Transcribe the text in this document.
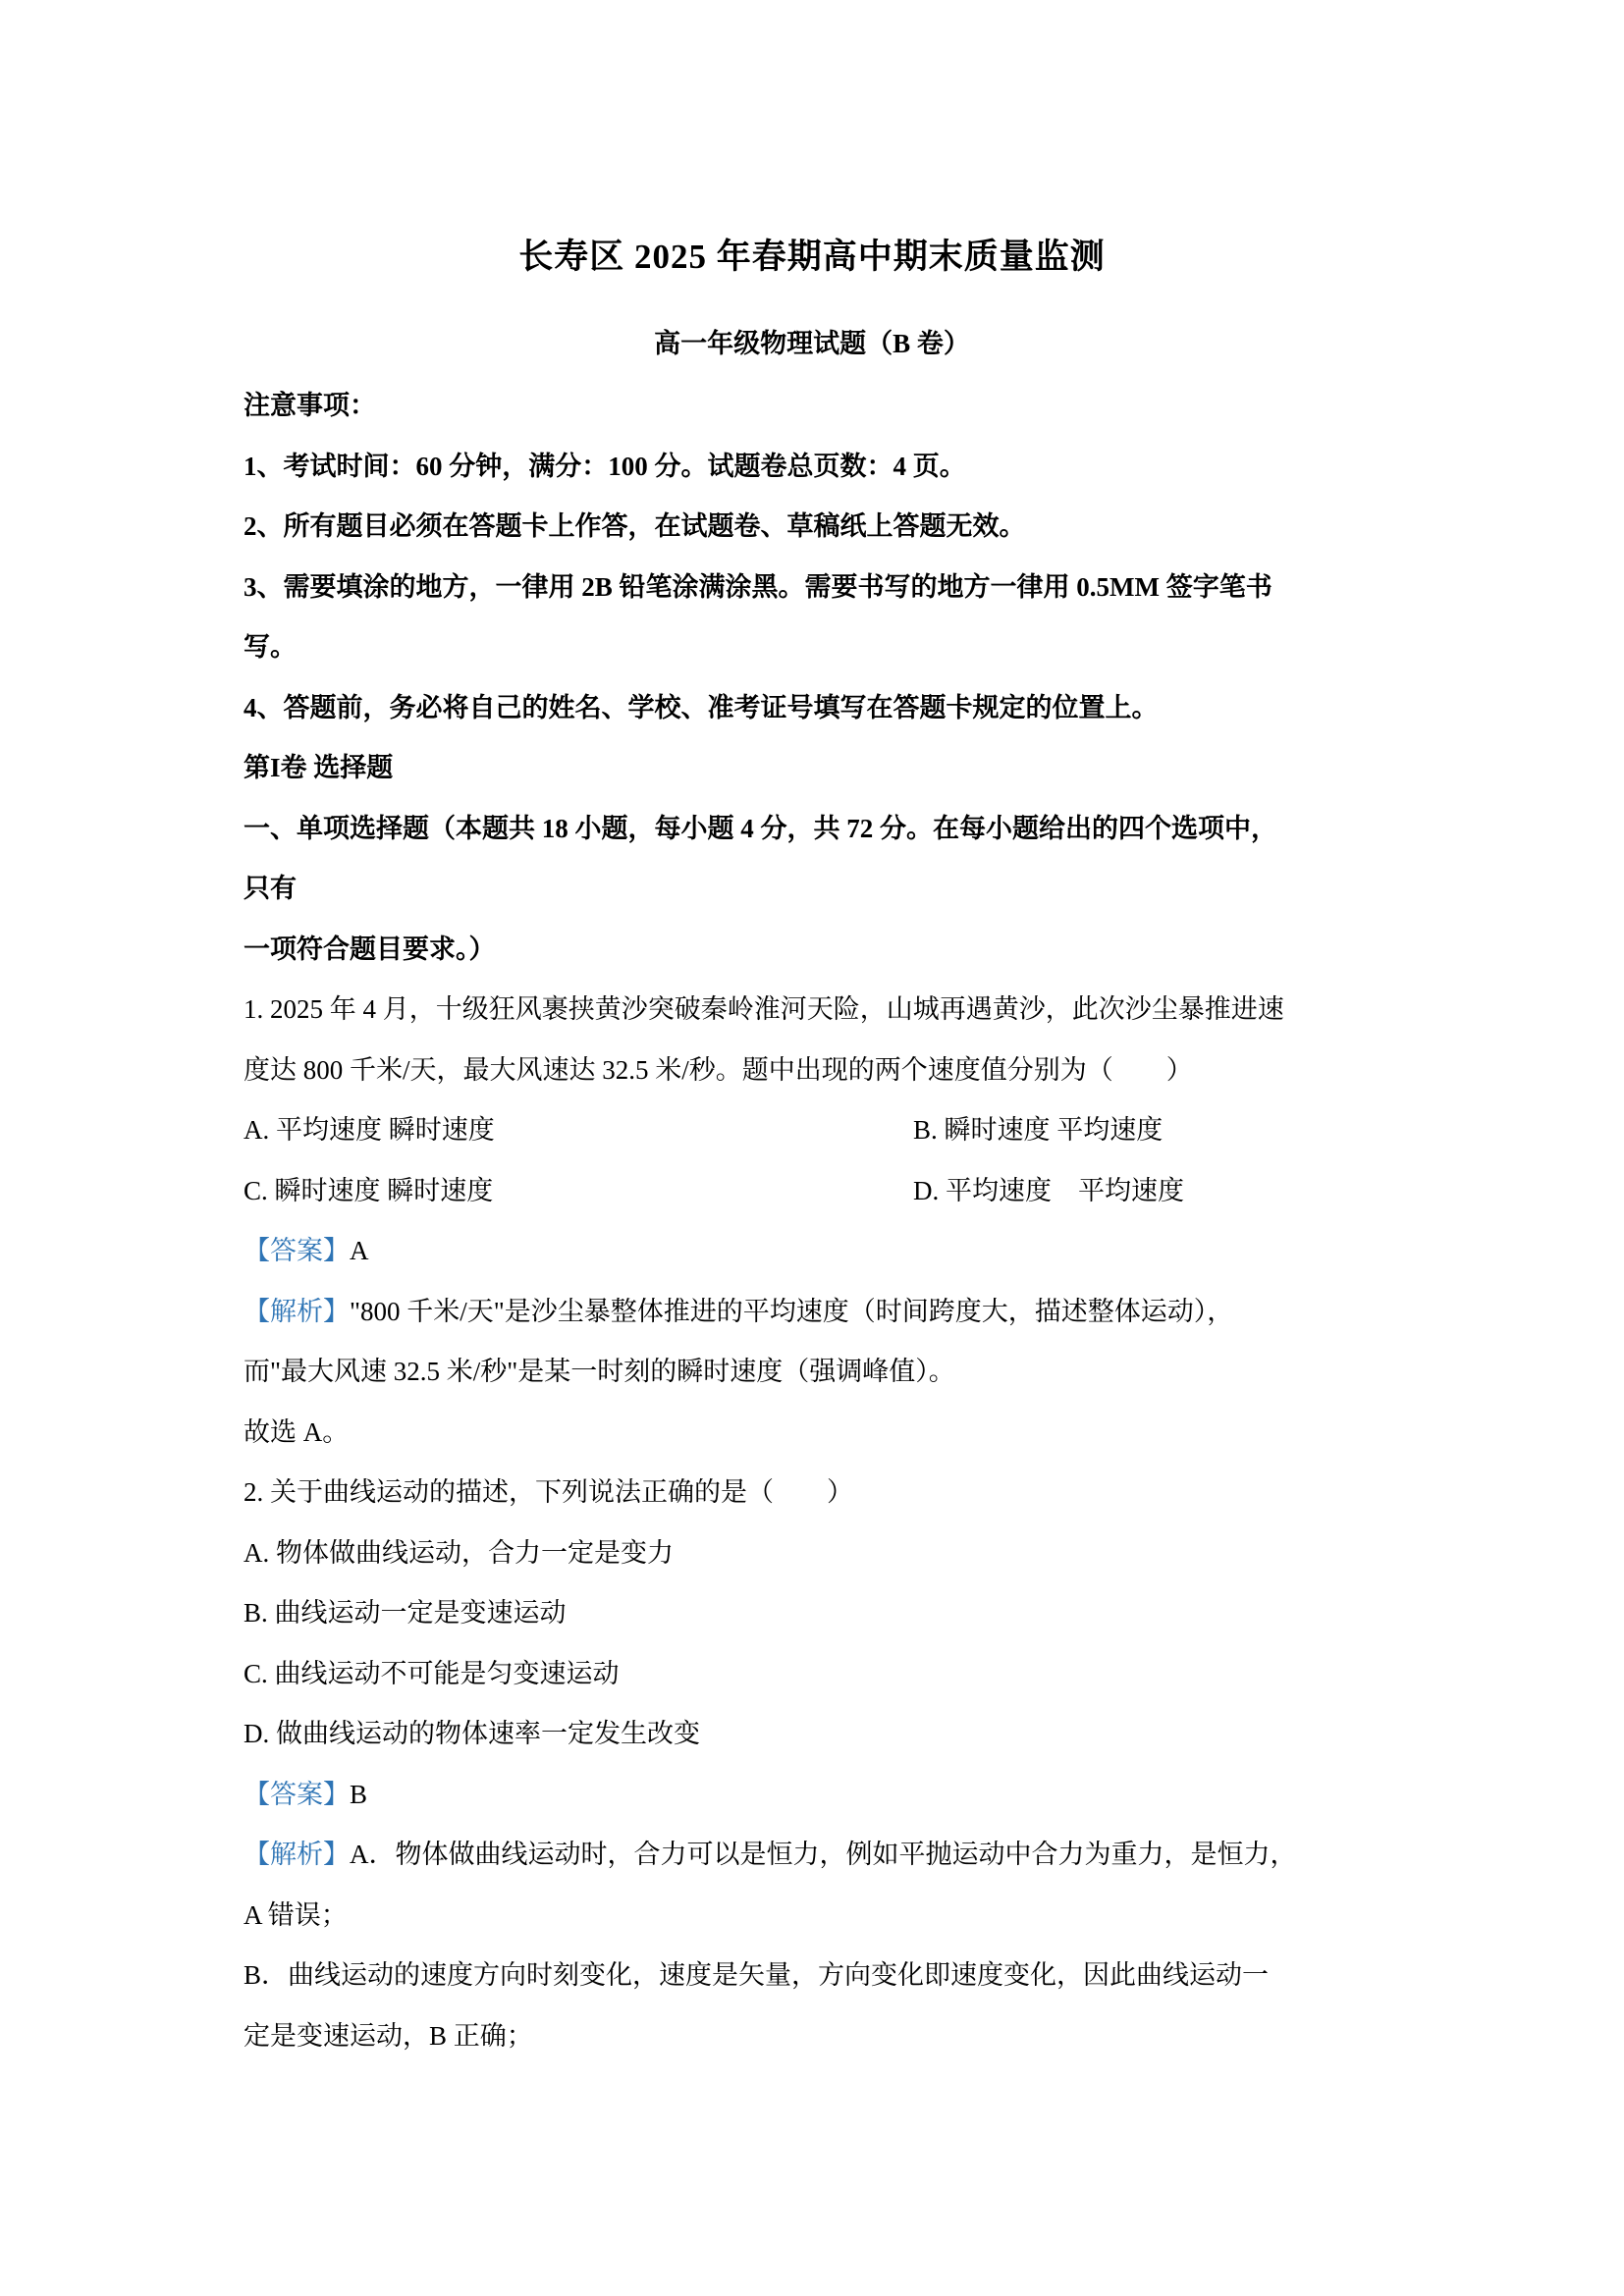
长寿区 2025 年春期高中期末质量监测
高一年级物理试题（B 卷）
注意事项：
1、考试时间：60 分钟，满分：100 分。试题卷总页数：4 页。
2、所有题目必须在答题卡上作答，在试题卷、草稿纸上答题无效。
3、需要填涂的地方，一律用 2B 铅笔涂满涂黑。需要书写的地方一律用 0.5MM 签字笔书
写。
4、答题前，务必将自己的姓名、学校、准考证号填写在答题卡规定的位置上。
第I卷 选择题
一、单项选择题（本题共 18 小题，每小题 4 分，共 72 分。在每小题给出的四个选项中，
只有
一项符合题目要求。）
1. 2025 年 4 月，十级狂风裹挟黄沙突破秦岭淮河天险，山城再遇黄沙，此次沙尘暴推进速
度达 800 千米/天，最大风速达 32.5 米/秒。题中出现的两个速度值分别为（　　）
A. 平均速度 瞬时速度	B. 瞬时速度 平均速度
C. 瞬时速度 瞬时速度	D. 平均速度　平均速度
【答案】A
【解析】"800 千米/天"是沙尘暴整体推进的平均速度（时间跨度大，描述整体运动），
而"最大风速 32.5 米/秒"是某一时刻的瞬时速度（强调峰值）。
故选 A。
2. 关于曲线运动的描述，下列说法正确的是（　　）
A. 物体做曲线运动，合力一定是变力
B. 曲线运动一定是变速运动
C. 曲线运动不可能是匀变速运动
D. 做曲线运动的物体速率一定发生改变
【答案】B
【解析】A．物体做曲线运动时，合力可以是恒力，例如平抛运动中合力为重力，是恒力，
A 错误；
B．曲线运动的速度方向时刻变化，速度是矢量，方向变化即速度变化，因此曲线运动一
定是变速运动，B 正确；
